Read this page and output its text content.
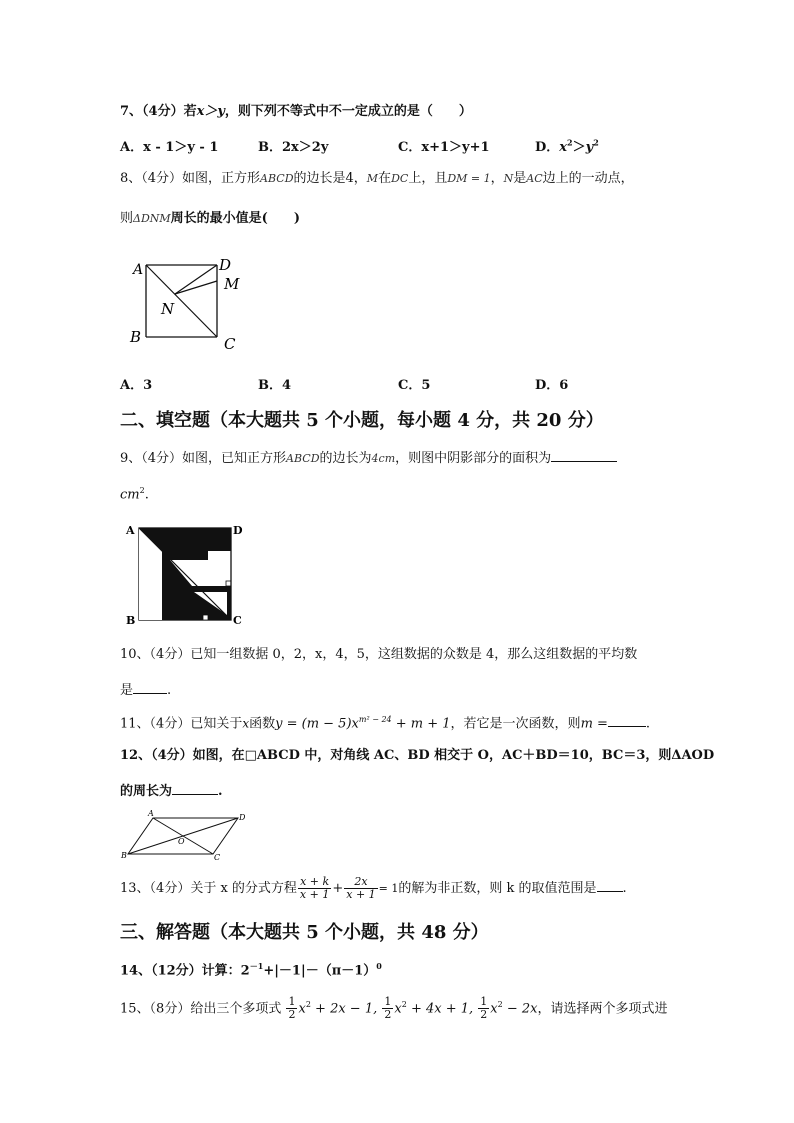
7、（4分）若x＞y，则下列不等式中不一定成立的是（　　）
A．x - 1＞y - 1	B．2x＞2y	C．x+1＞y+1	D．$x^2>y^2$
8、（4分）如图，正方形ABCD的边长是4，M在DC上，且DM = 1，N是AC边上的一动点，
则ΔDNM周长的最小值是(　　)
A	D
M
N
B	C
A．3	B．4	C．5	D．6
二、填空题（本大题共 5 个小题，每小题 4 分，共 20 分）
9、（4分）如图，已知正方形ABCD的边长为4cm，则图中阴影部分的面积为
$cm^2$.
A	D
B	C
10、（4分）已知一组数据 0，2，x，4，5，这组数据的众数是 4，那么这组数据的平均数
是	.
11、（4分）已知关于x函数$y = (m - 5)x^{m^2 - 24} + m + 1$，若它是一次函数，则m =	.
12、（4分）如图，在□ABCD 中，对角线 AC、BD 相交于 O，AC＋BD＝10，BC＝3，则ΔAOD
的周长为	.
A	D
B	C
O
13、（4分）关于 x 的分式方程 $\frac{x + k}{x + 1} + \frac{2x}{x + 1} = 1$的解为非正数，则 k 的取值范围是 .
三、解答题（本大题共 5 个小题，共 48 分）
14、（12分）计算：$2^{-1}+|-1|-(\pi-1)^0$
15、（8分）给出三个多项式 $\frac{1}{2} x^2 + 2x - 1$, $\frac{1}{2} x^2 + 4x + 1$, $\frac{1}{2} x^2 - 2x$，请选择两个多项式进
